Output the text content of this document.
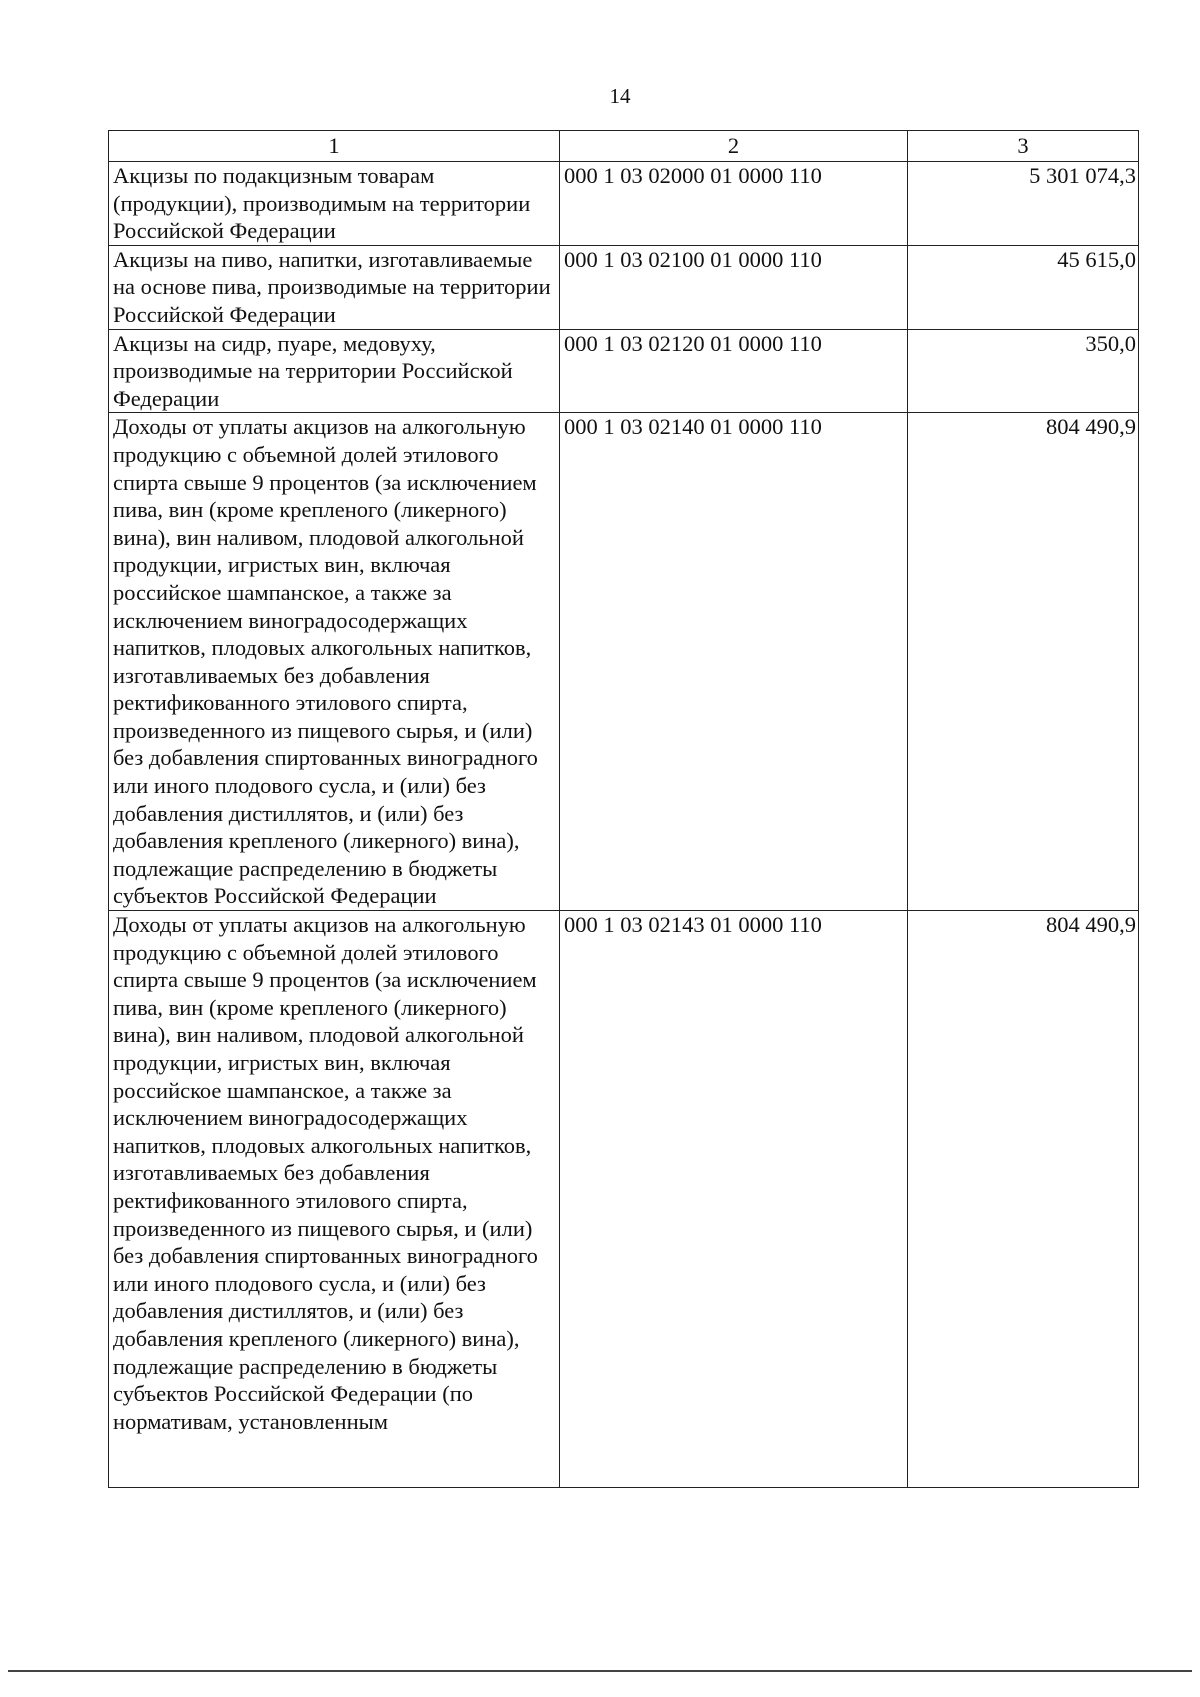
14
1	2	3
Акцизы по подакцизным товарам (продукции), производимым на территории Российской Федерации	000 1 03 02000 01 0000 110	5 301 074,3
Акцизы на пиво, напитки, изготавливаемые на основе пива, производимые на территории Российской Федерации	000 1 03 02100 01 0000 110	45 615,0
Акцизы на сидр, пуаре, медовуху, производимые на территории Российской Федерации	000 1 03 02120 01 0000 110	350,0
Доходы от уплаты акцизов на алкогольную продукцию с объемной долей этилового спирта свыше 9 процентов (за исключением пива, вин (кроме крепленого (ликерного) вина), вин наливом, плодовой алкогольной продукции, игристых вин, включая российское шампанское, а также за исключением виноградосодержащих напитков, плодовых алкогольных напитков, изготавливаемых без добавления ректификованного этилового спирта, произведенного из пищевого сырья, и (или) без добавления спиртованных виноградного или иного плодового сусла, и (или) без добавления дистиллятов, и (или) без добавления крепленого (ликерного) вина), подлежащие распределению в бюджеты субъектов Российской Федерации	000 1 03 02140 01 0000 110	804 490,9
Доходы от уплаты акцизов на алкогольную продукцию с объемной долей этилового спирта свыше 9 процентов (за исключением пива, вин (кроме крепленого (ликерного) вина), вин наливом, плодовой алкогольной продукции, игристых вин, включая российское шампанское, а также за исключением виноградосодержащих напитков, плодовых алкогольных напитков, изготавливаемых без добавления ректификованного этилового спирта, произведенного из пищевого сырья, и (или) без добавления спиртованных виноградного или иного плодового сусла, и (или) без добавления дистиллятов, и (или) без добавления крепленого (ликерного) вина), подлежащие распределению в бюджеты субъектов Российской Федерации (по нормативам, установленным	000 1 03 02143 01 0000 110	804 490,9
